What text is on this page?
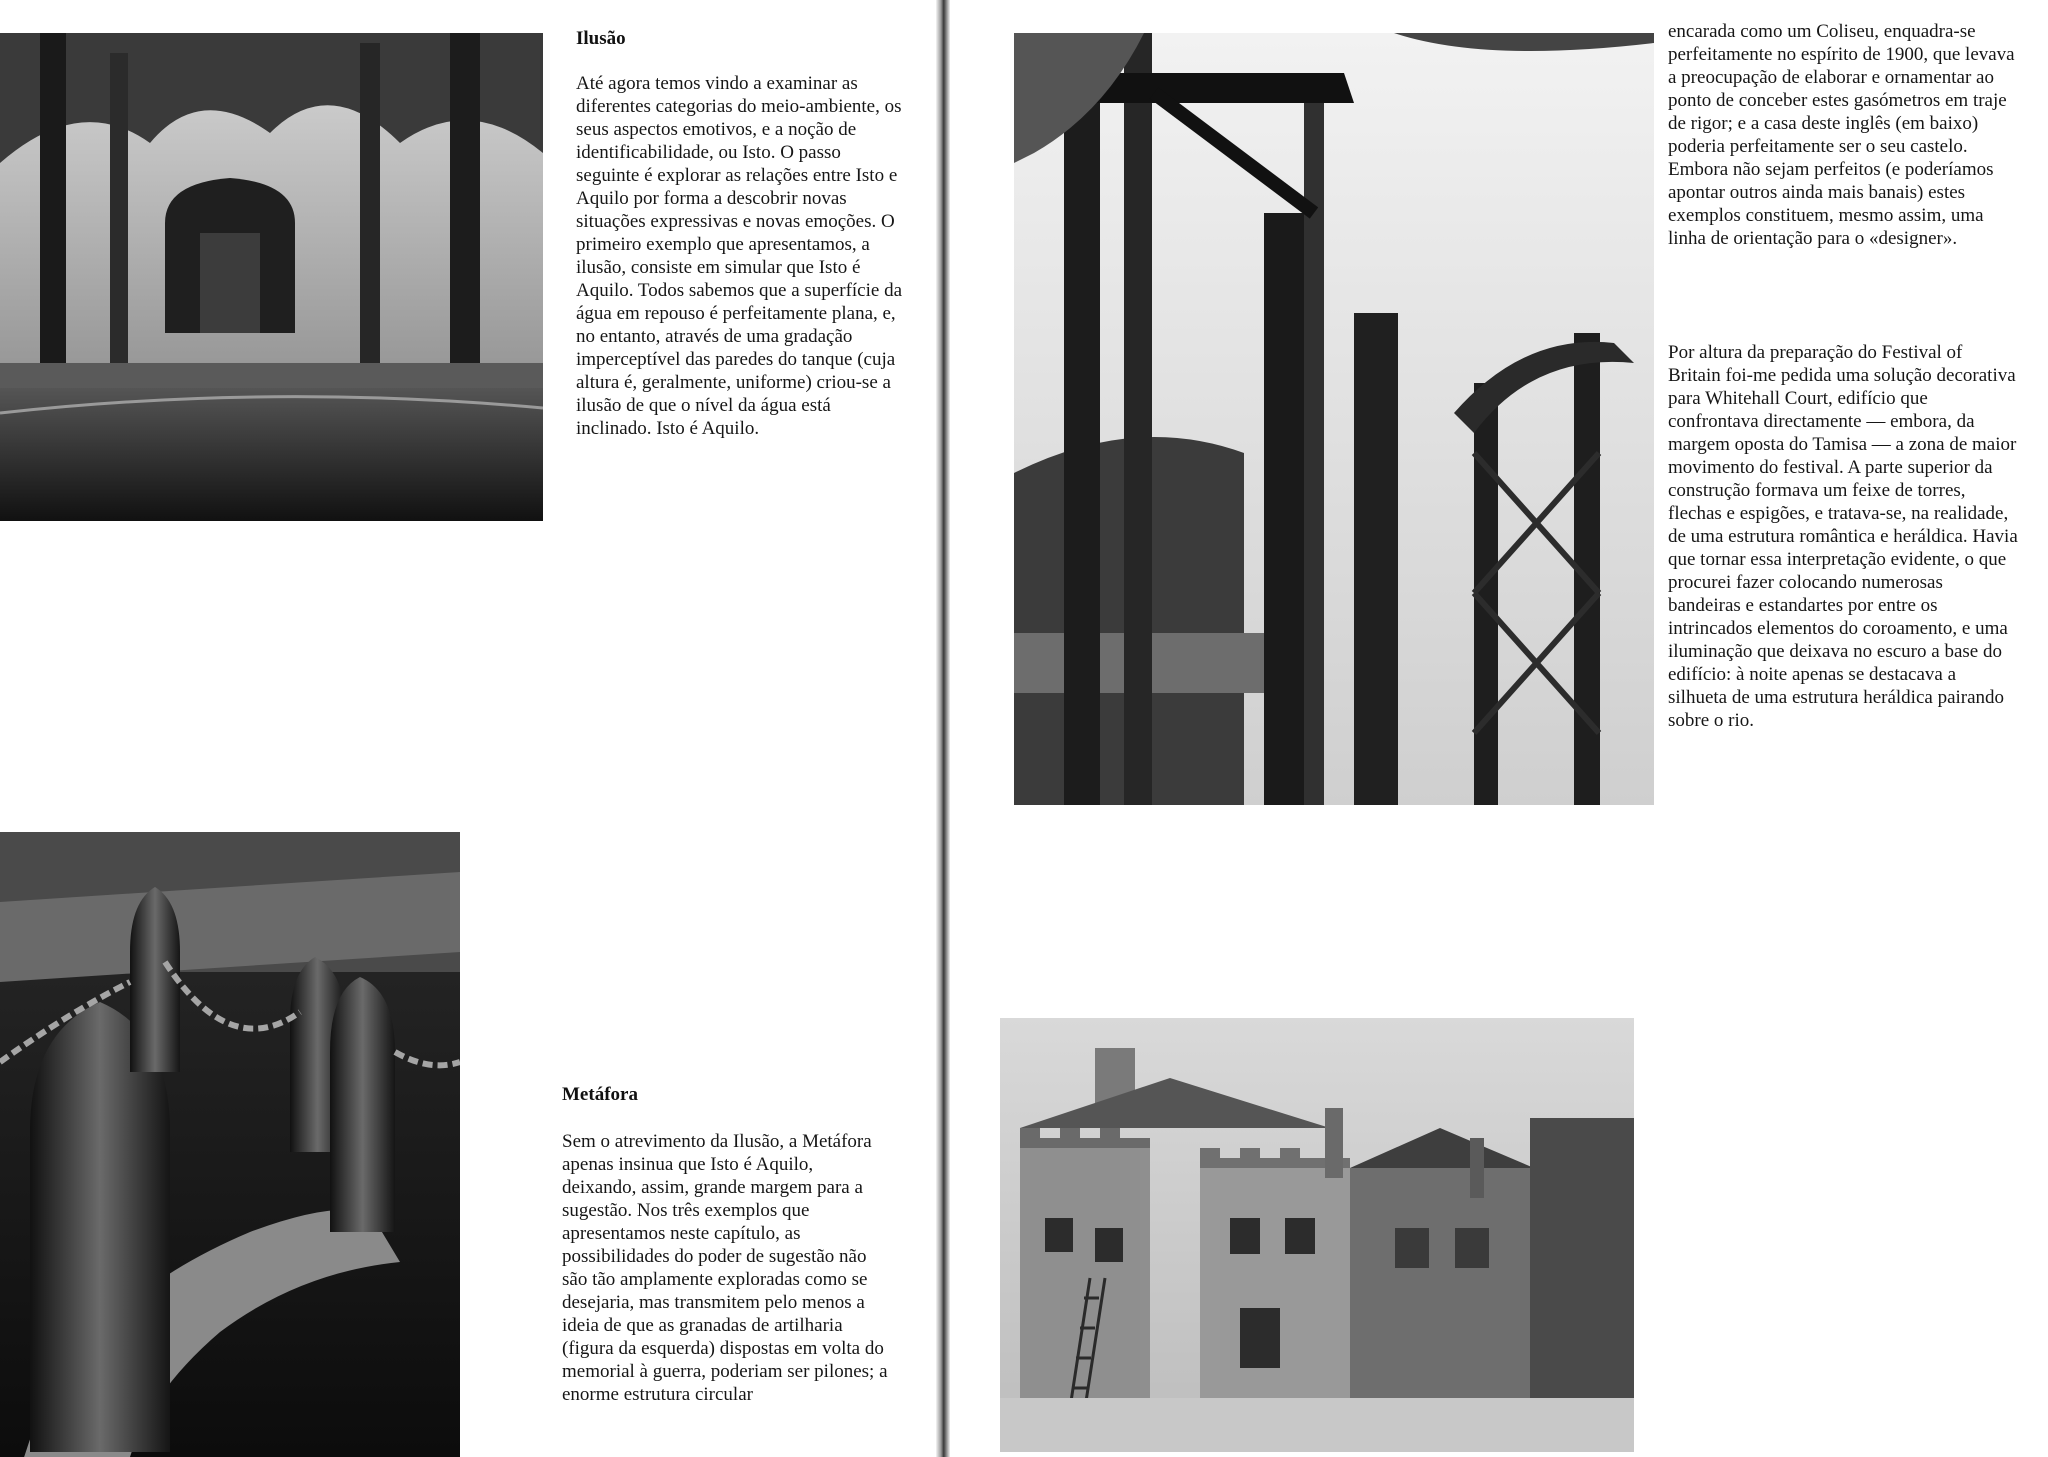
Ilusão

Até agora temos vindo a examinar as diferentes categorias do meio-ambiente, os seus aspectos emotivos, e a noção de identificabilidade, ou Isto. O passo seguinte é explorar as relações entre Isto e Aquilo por forma a descobrir novas situações expressivas e novas emoções. O primeiro exemplo que apresentamos, a ilusão, consiste em simular que Isto é Aquilo. Todos sabemos que a superfície da água em repouso é perfeitamente plana, e, no entanto, através de uma gradação imperceptível das paredes do tanque (cuja altura é, geralmente, uniforme) criou-se a ilusão de que o nível da água está inclinado. Isto é Aquilo.

Metáfora

Sem o atrevimento da Ilusão, a Metáfora apenas insinua que Isto é Aquilo, deixando, assim, grande margem para a sugestão. Nos três exemplos que apresentamos neste capítulo, as possibilidades do poder de sugestão não são tão amplamente exploradas como se desejaria, mas transmitem pelo menos a ideia de que as granadas de artilharia (figura da esquerda) dispostas em volta do memorial à guerra, poderiam ser pilones; a enorme estrutura circular

encarada como um Coliseu, enquadra-se perfeitamente no espírito de 1900, que levava a preocupação de elaborar e ornamentar ao ponto de conceber estes gasómetros em traje de rigor; e a casa deste inglês (em baixo) poderia perfeitamente ser o seu castelo. Embora não sejam perfeitos (e poderíamos apontar outros ainda mais banais) estes exemplos constituem, mesmo assim, uma linha de orientação para o «designer».

Por altura da preparação do Festival of Britain foi-me pedida uma solução decorativa para Whitehall Court, edifício que confrontava directamente — embora, da margem oposta do Tamisa — a zona de maior movimento do festival. A parte superior da construção formava um feixe de torres, flechas e espigões, e tratava-se, na realidade, de uma estrutura romântica e heráldica. Havia que tornar essa interpretação evidente, o que procurei fazer colocando numerosas bandeiras e estandartes por entre os intrincados elementos do coroamento, e uma iluminação que deixava no escuro a base do edifício: à noite apenas se destacava a silhueta de uma estrutura heráldica pairando sobre o rio.
